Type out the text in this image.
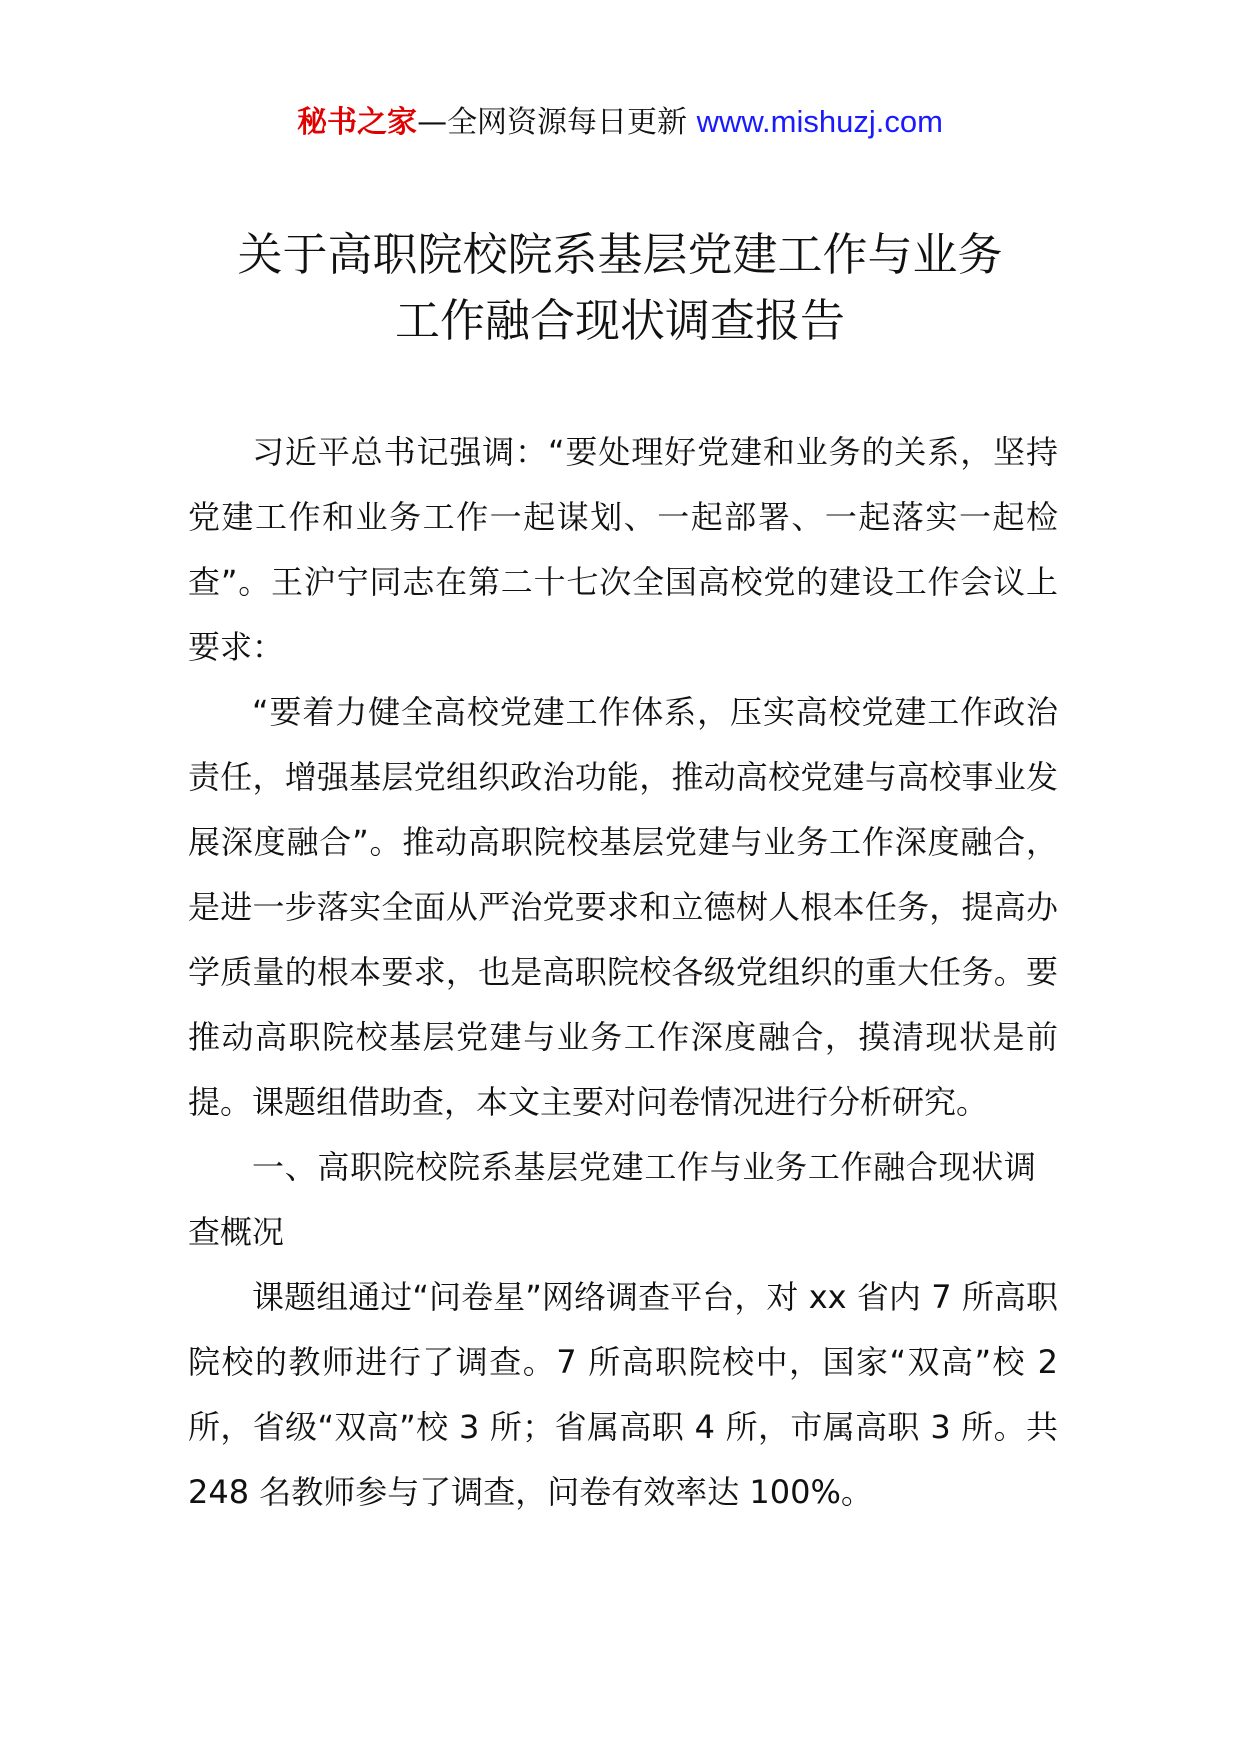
秘书之家—全网资源每日更新 www.mishuzj.com
关于高职院校院系基层党建工作与业务
工作融合现状调查报告

习近平总书记强调：“要处理好党建和业务的关系，坚持党建工作和业务工作一起谋划、一起部署、一起落实一起检查”。王沪宁同志在第二十七次全国高校党的建设工作会议上要求：

“要着力健全高校党建工作体系，压实高校党建工作政治责任，增强基层党组织政治功能，推动高校党建与高校事业发展深度融合”。推动高职院校基层党建与业务工作深度融合，是进一步落实全面从严治党要求和立德树人根本任务，提高办学质量的根本要求，也是高职院校各级党组织的重大任务。要推动高职院校基层党建与业务工作深度融合，摸清现状是前提。课题组借助查，本文主要对问卷情况进行分析研究。

一、高职院校院系基层党建工作与业务工作融合现状调查概况

课题组通过“问卷星”网络调查平台，对 xx 省内 7 所高职院校的教师进行了调查。7 所高职院校中，国家“双高”校 2 所，省级“双高”校 3 所；省属高职 4 所，市属高职 3 所。共 248 名教师参与了调查，问卷有效率达 100%。
